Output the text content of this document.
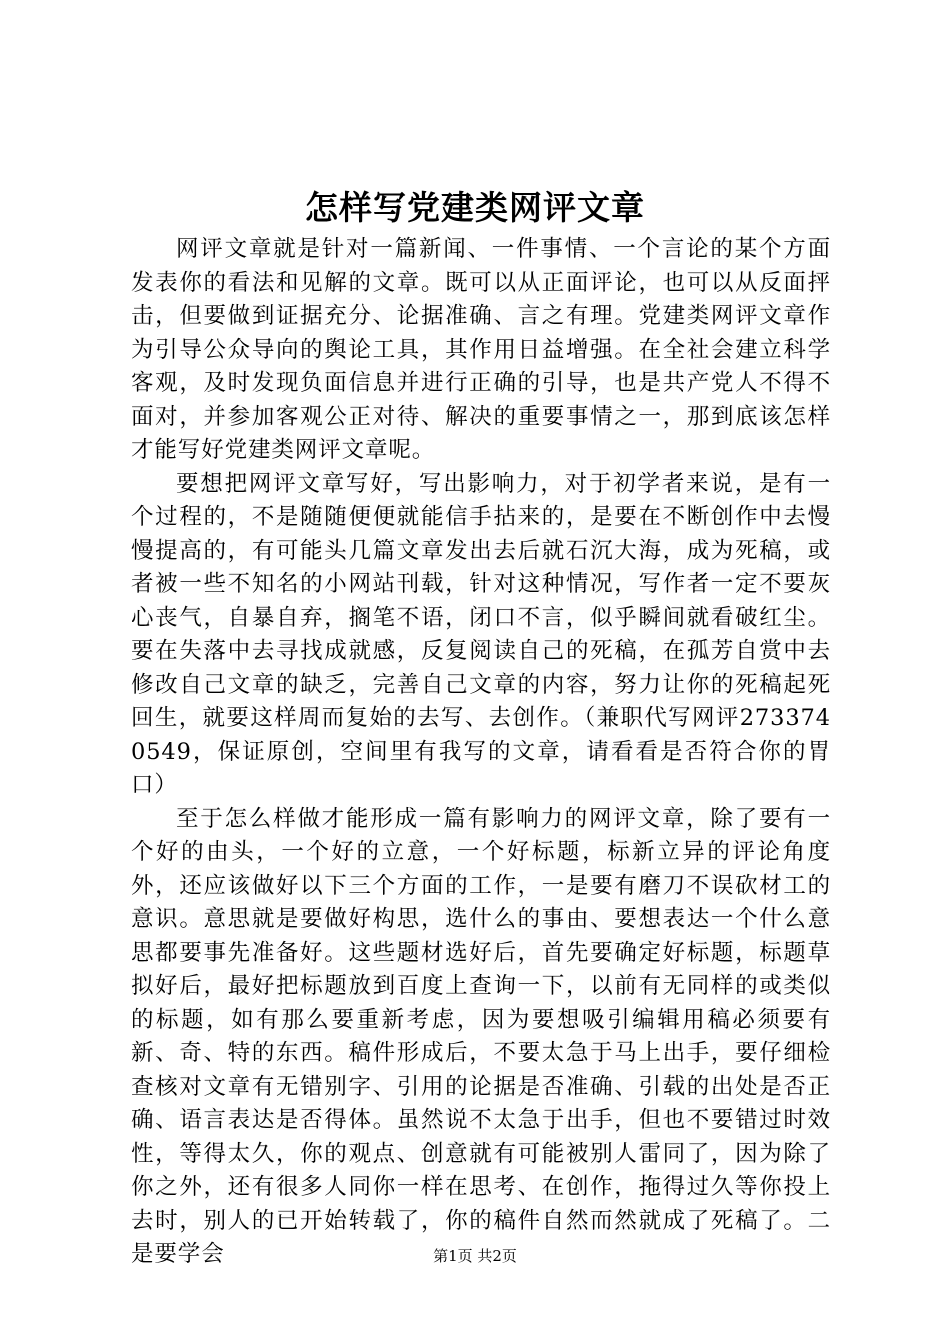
怎样写党建类网评文章

网评文章就是针对一篇新闻、一件事情、一个言论的某个方面发表你的看法和见解的文章。既可以从正面评论，也可以从反面抨击，但要做到证据充分、论据准确、言之有理。党建类网评文章作为引导公众导向的舆论工具，其作用日益增强。在全社会建立科学客观，及时发现负面信息并进行正确的引导，也是共产党人不得不面对，并参加客观公正对待、解决的重要事情之一，那到底该怎样才能写好党建类网评文章呢。

要想把网评文章写好，写出影响力，对于初学者来说，是有一个过程的，不是随随便便就能信手拈来的，是要在不断创作中去慢慢提高的，有可能头几篇文章发出去后就石沉大海，成为死稿，或者被一些不知名的小网站刊载，针对这种情况，写作者一定不要灰心丧气，自暴自弃，搁笔不语，闭口不言，似乎瞬间就看破红尘。要在失落中去寻找成就感，反复阅读自己的死稿，在孤芳自赏中去修改自己文章的缺乏，完善自己文章的内容，努力让你的死稿起死回生，就要这样周而复始的去写、去创作。（兼职代写网评2733740549，保证原创，空间里有我写的文章，请看看是否符合你的胃口）

至于怎么样做才能形成一篇有影响力的网评文章，除了要有一个好的由头，一个好的立意，一个好标题，标新立异的评论角度外，还应该做好以下三个方面的工作，一是要有磨刀不误砍材工的意识。意思就是要做好构思，选什么的事由、要想表达一个什么意思都要事先准备好。这些题材选好后，首先要确定好标题，标题草拟好后，最好把标题放到百度上查询一下，以前有无同样的或类似的标题，如有那么要重新考虑，因为要想吸引编辑用稿必须要有新、奇、特的东西。稿件形成后，不要太急于马上出手，要仔细检查核对文章有无错别字、引用的论据是否准确、引载的出处是否正确、语言表达是否得体。虽然说不太急于出手，但也不要错过时效性，等得太久，你的观点、创意就有可能被别人雷同了，因为除了你之外，还有很多人同你一样在思考、在创作，拖得过久等你投上去时，别人的已开始转载了，你的稿件自然而然就成了死稿了。二是要学会	第1页 共2页
